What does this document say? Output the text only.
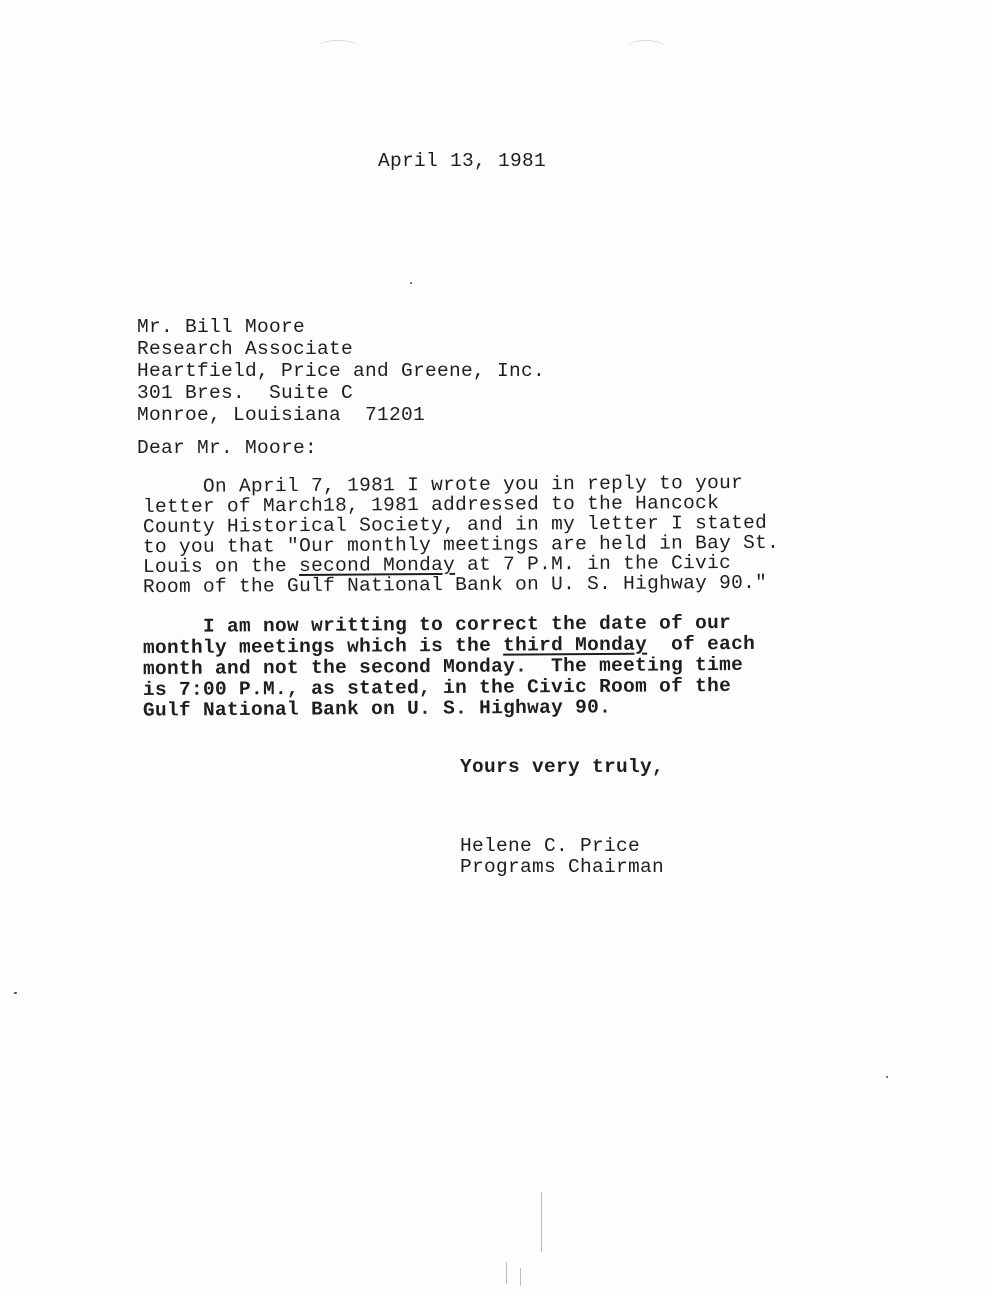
April 13, 1981
Mr. Bill Moore
Research Associate
Heartfield, Price and Greene, Inc.
301 Bres.  Suite C
Monroe, Louisiana  71201
Dear Mr. Moore:
On April 7, 1981 I wrote you in reply to your
letter of March18, 1981 addressed to the Hancock
County Historical Society, and in my letter I stated
to you that "Our monthly meetings are held in Bay St.
Louis on the second Monday at 7 P.M. in the Civic
Room of the Gulf National Bank on U. S. Highway 90."
I am now writting to correct the date of our
monthly meetings which is the third Monday  of each
month and not the second Monday.  The meeting time
is 7:00 P.M., as stated, in the Civic Room of the
Gulf National Bank on U. S. Highway 90.
Yours very truly,
Helene C. Price
Programs Chairman
